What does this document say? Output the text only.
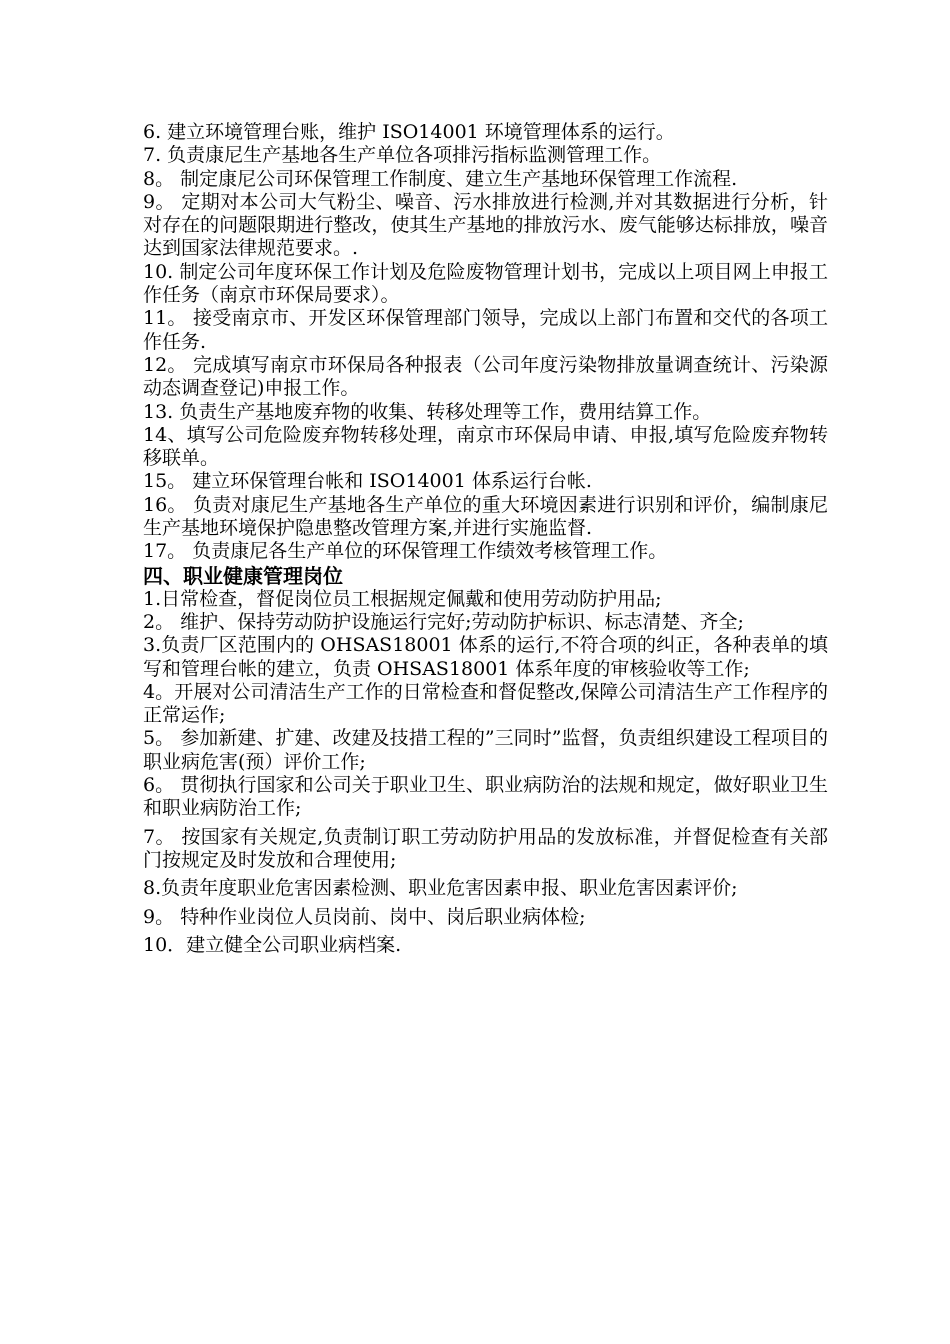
6. 建立环境管理台账，维护 ISO14001 环境管理体系的运行。

7. 负责康尼生产基地各生产单位各项排污指标监测管理工作。

8。 制定康尼公司环保管理工作制度、建立生产基地环保管理工作流程.

9。 定期对本公司大气粉尘、噪音、污水排放进行检测,并对其数据进行分析，针对存在的问题限期进行整改，使其生产基地的排放污水、废气能够达标排放，噪音达到国家法律规范要求。.

10. 制定公司年度环保工作计划及危险废物管理计划书，完成以上项目网上申报工作任务（南京市环保局要求）。

11。 接受南京市、开发区环保管理部门领导，完成以上部门布置和交代的各项工作任务.

12。 完成填写南京市环保局各种报表（公司年度污染物排放量调查统计、污染源动态调查登记)申报工作。

13. 负责生产基地废弃物的收集、转移处理等工作，费用结算工作。

14、填写公司危险废弃物转移处理，南京市环保局申请、申报,填写危险废弃物转移联单。

15。 建立环保管理台帐和 ISO14001 体系运行台帐.

16。 负责对康尼生产基地各生产单位的重大环境因素进行识别和评价，编制康尼生产基地环境保护隐患整改管理方案,并进行实施监督.

17。 负责康尼各生产单位的环保管理工作绩效考核管理工作。

四、职业健康管理岗位

1.日常检查，督促岗位员工根据规定佩戴和使用劳动防护用品;

2。 维护、保持劳动防护设施运行完好;劳动防护标识、标志清楚、齐全;

3.负责厂区范围内的 OHSAS18001 体系的运行,不符合项的纠正，各种表单的填写和管理台帐的建立，负责 OHSAS18001 体系年度的审核验收等工作;

4。开展对公司清洁生产工作的日常检查和督促整改,保障公司清洁生产工作程序的正常运作;

5。 参加新建、扩建、改建及技措工程的”三同时”监督，负责组织建设工程项目的职业病危害(预）评价工作;

6。 贯彻执行国家和公司关于职业卫生、职业病防治的法规和规定，做好职业卫生和职业病防治工作;

7。 按国家有关规定,负责制订职工劳动防护用品的发放标准，并督促检查有关部门按规定及时发放和合理使用;

8.负责年度职业危害因素检测、职业危害因素申报、职业危害因素评价;

9。 特种作业岗位人员岗前、岗中、岗后职业病体检;

10．建立健全公司职业病档案.
